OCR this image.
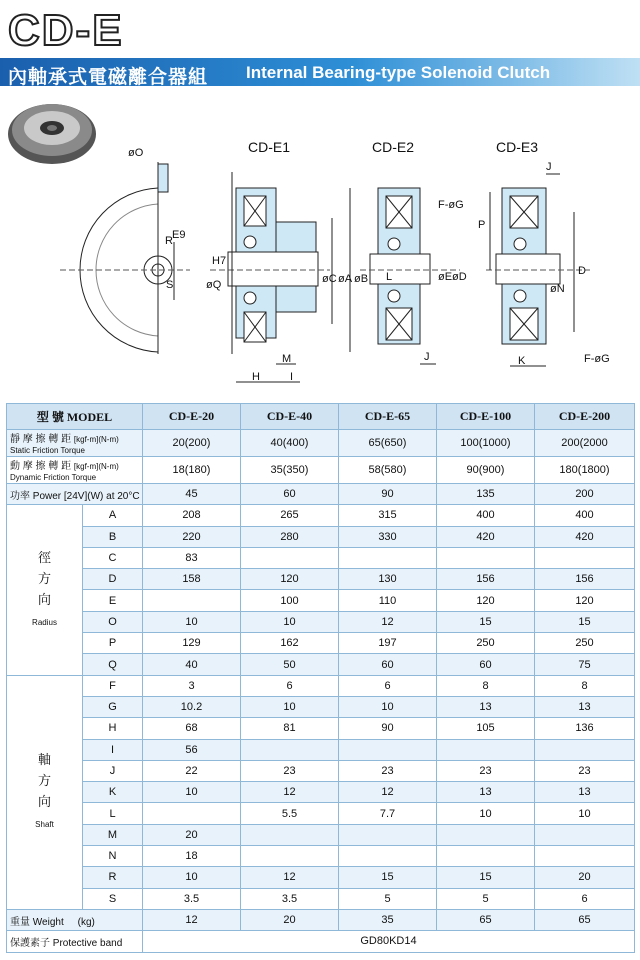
CD-E
內軸承式電磁離合器組 Internal Bearing-type Solenoid Clutch
øO
R E9
S
CD-E1	CD-E2	CD-E3
øQ
H7
øC øA øB
M
H	I
F-øG
L	øE øD
J
J
P
D
øN
K	F-øG
型 號 MODEL		CD-E-20	CD-E-40	CD-E-65	CD-E-100	CD-E-200
靜 摩 擦 轉 距 [kgf-m](N-m)
Static Friction Torque		20(200)	40(400)	65(650)	100(1000)	200(2000
動 摩 擦 轉 距 [kgf-m](N-m)
Dynamic Friction Torque		18(180)	35(350)	58(580)	90(900)	180(1800)
功率 Power [24V](W) at 20°C		45	60	90	135	200
徑
方
向

Radius	A	208	265	315	400	400
	B	220	280	330	420	420
	C	83				
	D	158	120	130	156	156
	E		100	110	120	120
	O	10	10	12	15	15
	P	129	162	197	250	250
	Q	40	50	60	60	75
軸
方
向

Shaft	F	3	6	6	8	8
	G	10.2	10	10	13	13
	H	68	81	90	105	136
	I	56				
	J	22	23	23	23	23
	K	10	12	12	13	13
	L		5.5	7.7	10	10
	M	20				
	N	18				
	R	10	12	15	15	20
	S	3.5	3.5	5	5	6
重量 Weight (kg)		12	20	35	65	65
保護素子 Protective band		GD80KD14				
